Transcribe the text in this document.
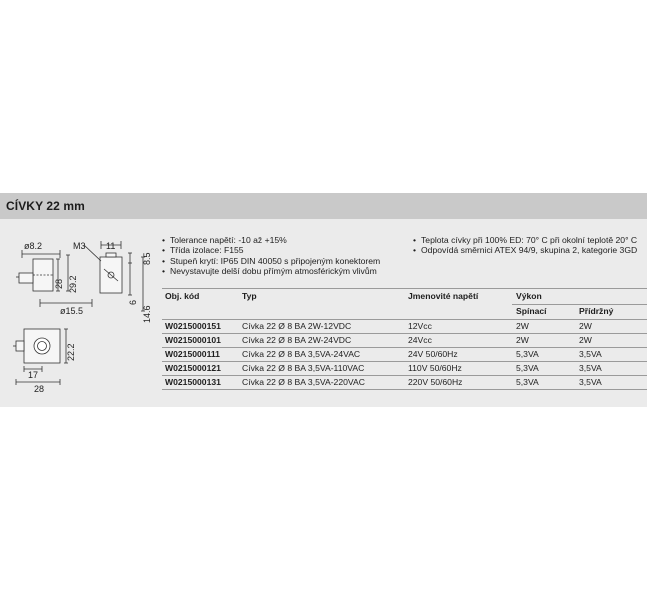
CÍVKY 22 mm
ø8.2	M3 11
28 29.2
ø15.5
8.5
6
14.6
22.2
17
28
• Tolerance napětí: -10 až +15%
• Třída izolace: F155
• Stupeň krytí: IP65 DIN 40050 s připojeným konektorem
• Nevystavujte delší dobu přímým atmosférickým vlivům
• Teplota cívky při 100% ED: 70° C při okolní teplotě 20° C
• Odpovídá směrnici ATEX 94/9, skupina 2, kategorie 3GD
Obj. kód	Typ	Jmenovité napětí	Výkon
Spínací	Přídržný
W0215000151 Cívka 22 Ø 8 BA 2W-12VDC	12Vcc	2W	2W
W0215000101 Cívka 22 Ø 8 BA 2W-24VDC	24Vcc	2W	2W
W0215000111	Cívka 22 Ø 8 BA 3,5VA-24VAC	24V 50/60Hz	5,3VA	3,5VA
W0215000121 Cívka 22 Ø 8 BA 3,5VA-110VAC	110V 50/60Hz	5,3VA	3,5VA
W0215000131 Cívka 22 Ø 8 BA 3,5VA-220VAC	220V 50/60Hz	5,3VA	3,5VA
